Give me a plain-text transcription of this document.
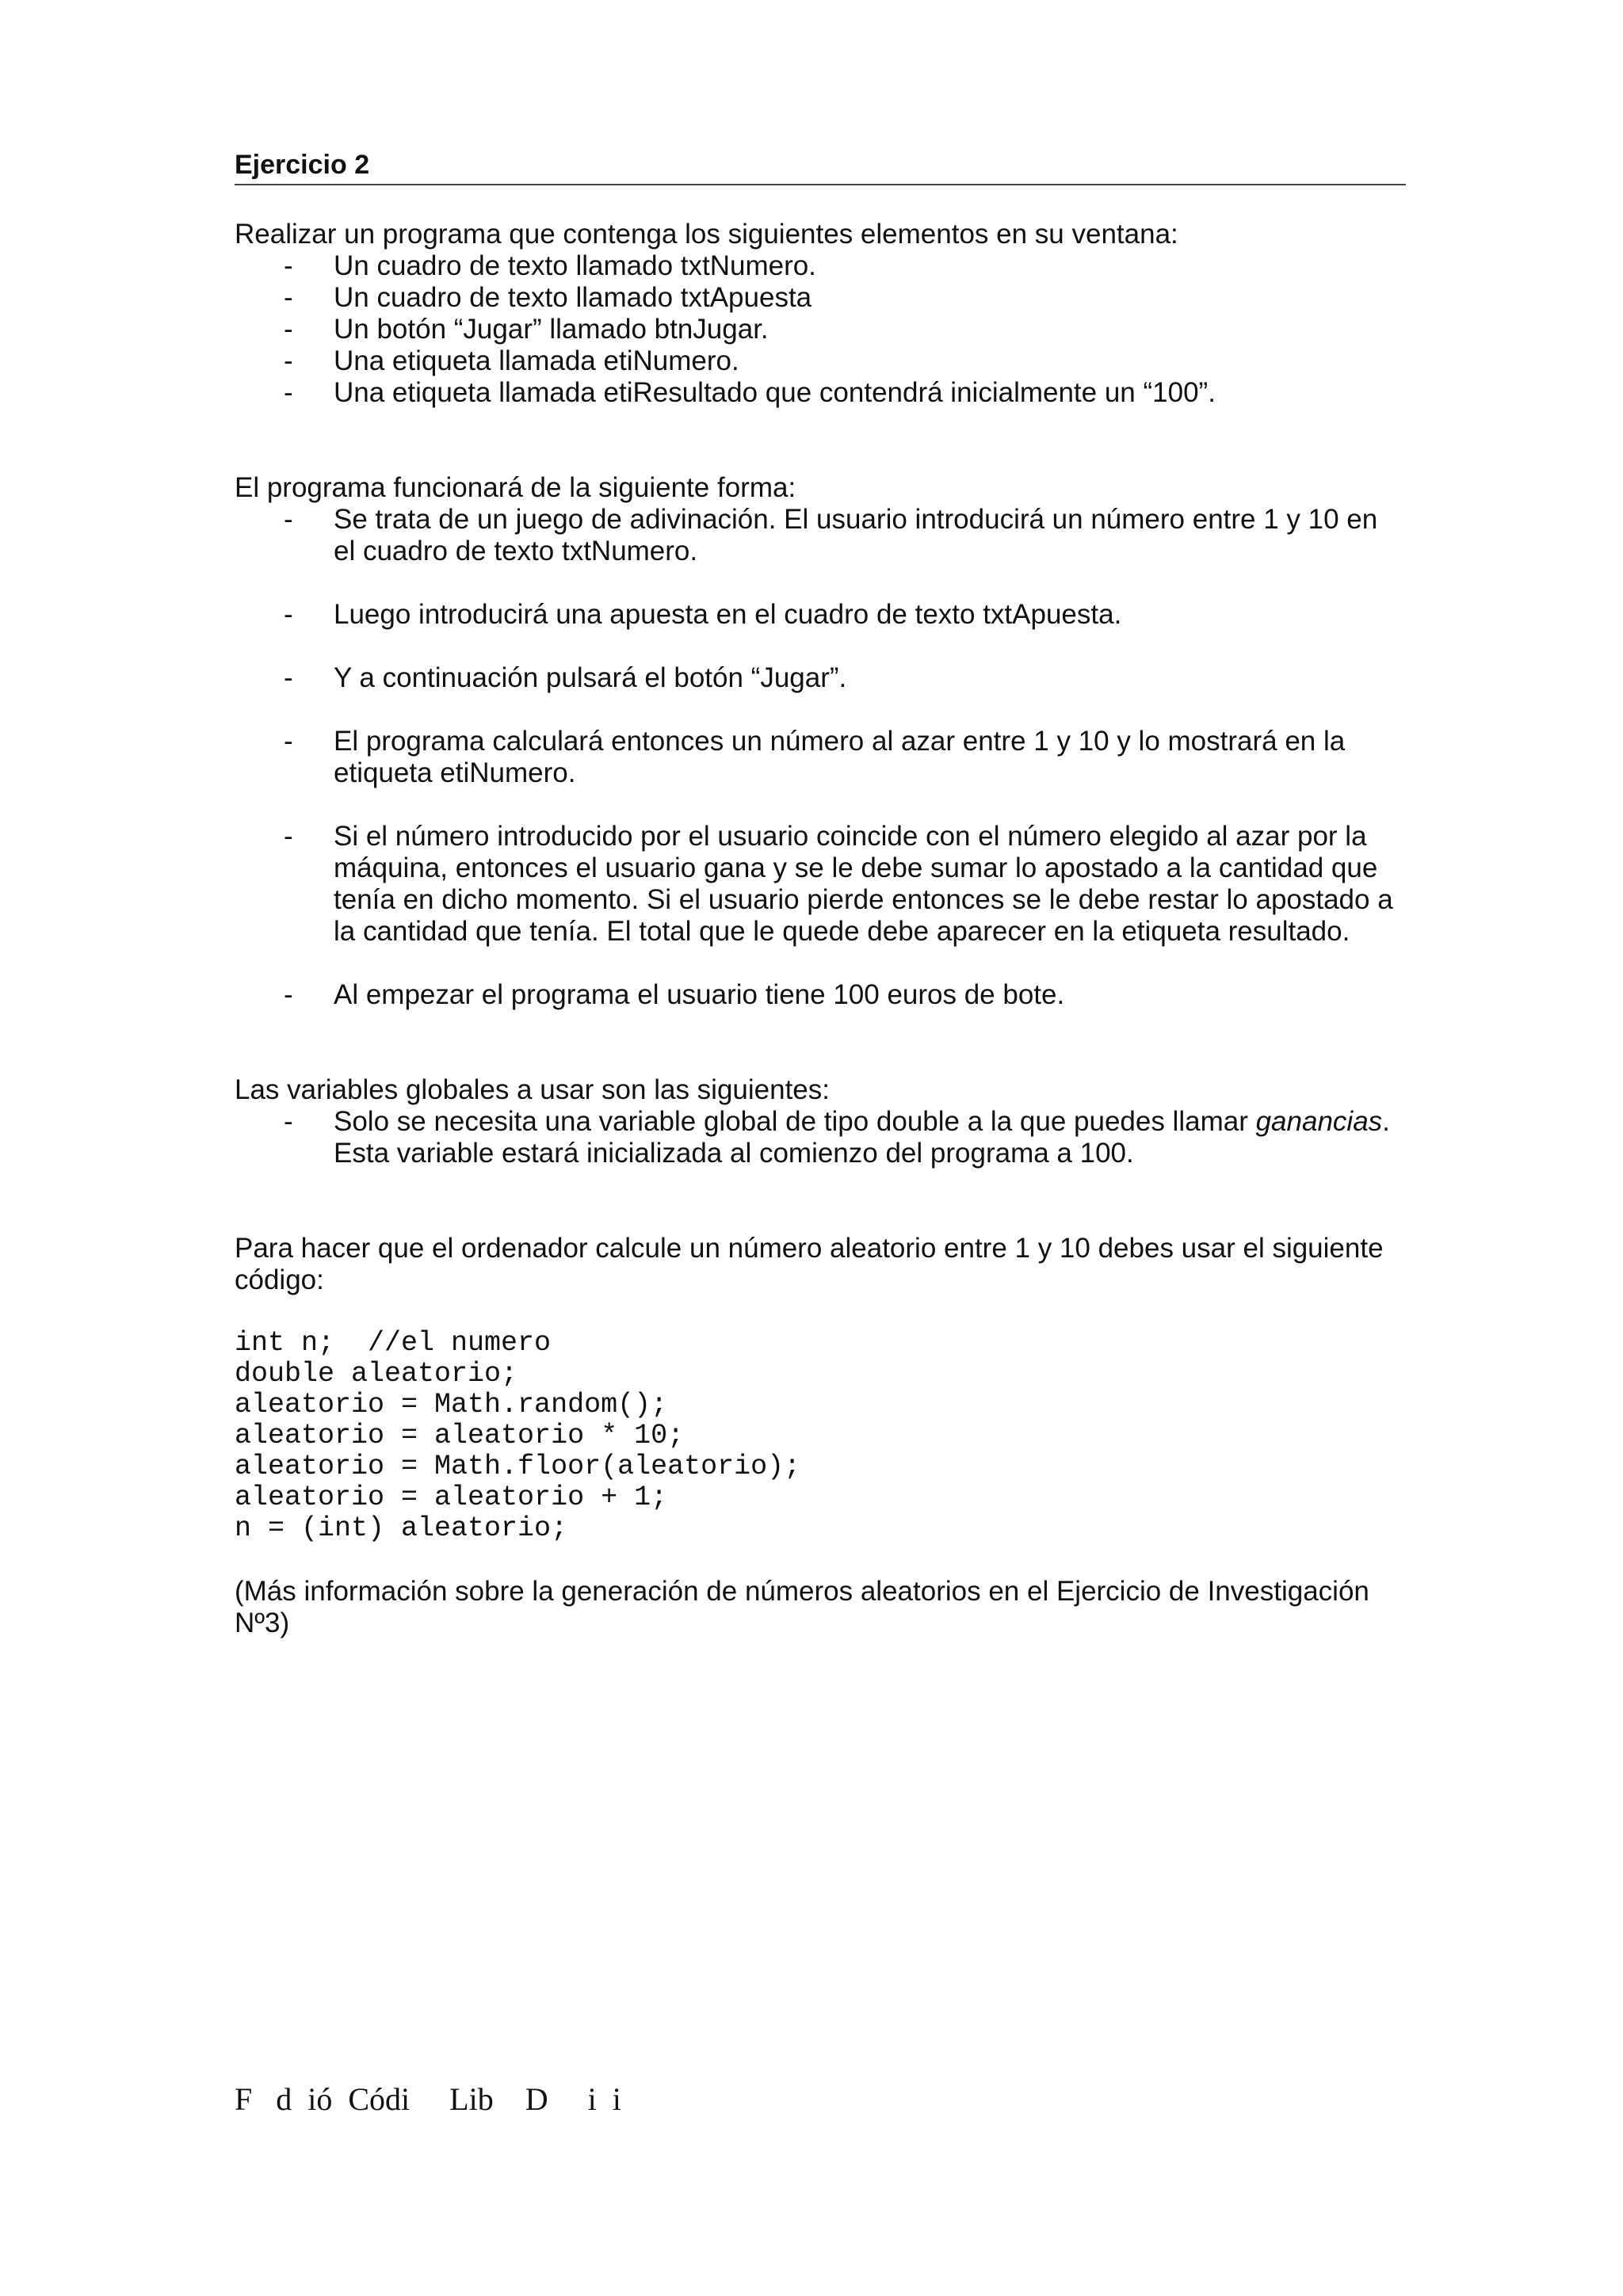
Ejercicio 2

Realizar un programa que contenga los siguientes elementos en su ventana:

- Un cuadro de texto llamado txtNumero.
- Un cuadro de texto llamado txtApuesta
- Un botón “Jugar” llamado btnJugar.
- Una etiqueta llamada etiNumero.
- Una etiqueta llamada etiResultado que contendrá inicialmente un “100”.

El programa funcionará de la siguiente forma:

- Se trata de un juego de adivinación. El usuario introducirá un número entre 1 y 10 en el cuadro de texto txtNumero.
- Luego introducirá una apuesta en el cuadro de texto txtApuesta.
- Y a continuación pulsará el botón “Jugar”.
- El programa calculará entonces un número al azar entre 1 y 10 y lo mostrará en la etiqueta etiNumero.
- Si el número introducido por el usuario coincide con el número elegido al azar por la máquina, entonces el usuario gana y se le debe sumar lo apostado a la cantidad que tenía en dicho momento. Si el usuario pierde entonces se le debe restar lo apostado a la cantidad que tenía. El total que le quede debe aparecer en la etiqueta resultado.
- Al empezar el programa el usuario tiene 100 euros de bote.

Las variables globales a usar son las siguientes:

- Solo se necesita una variable global de tipo double a la que puedes llamar ganancias. Esta variable estará inicializada al comienzo del programa a 100.

Para hacer que el ordenador calcule un número aleatorio entre 1 y 10 debes usar el siguiente código:

int n;  //el numero
double aleatorio;
aleatorio = Math.random();
aleatorio = aleatorio * 10;
aleatorio = Math.floor(aleatorio);
aleatorio = aleatorio + 1;
n = (int) aleatorio;

(Más información sobre la generación de números aleatorios en el Ejercicio de Investigación Nº3)

F   d  ió  Códi     Lib    D     i  i
